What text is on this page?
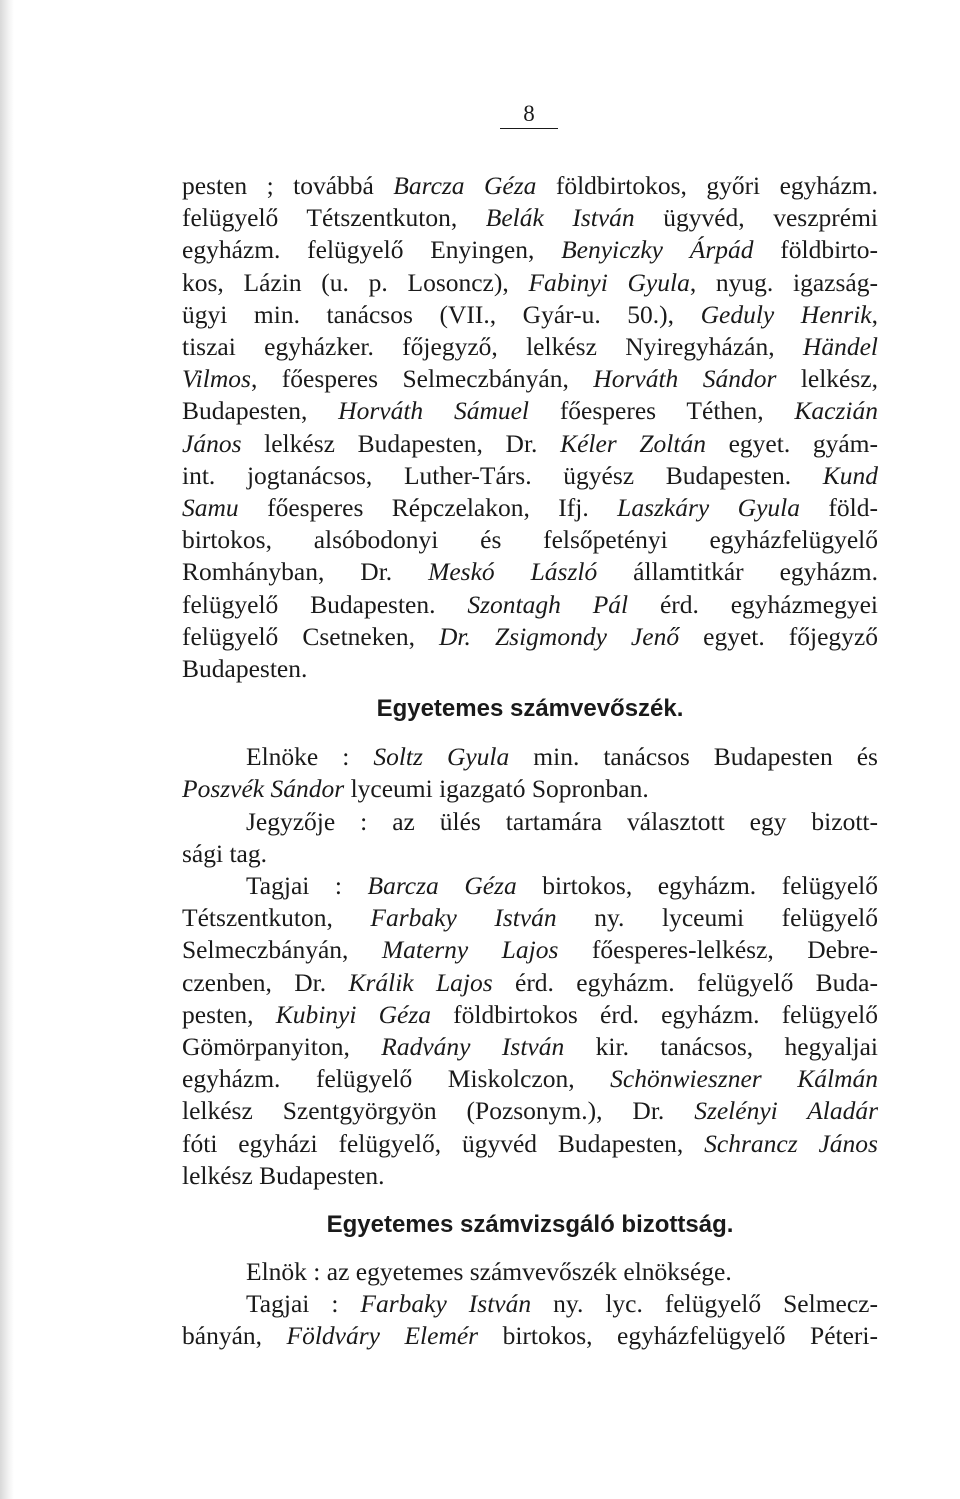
8
pesten ; továbbá Barcza Géza földbirtokos, győri egyházm.
felügyelő Tétszentkuton, Belák István ügyvéd, veszprémi
egyházm. felügyelő Enyingen, Benyiczky Árpád földbirto-
kos, Lázin (u. p. Losoncz), Fabinyi Gyula, nyug. igazság-
ügyi min. tanácsos (VII., Gyár-u. 50.), Geduly Henrik,
tiszai egyházker. főjegyző, lelkész Nyiregyházán, Händel
Vilmos, főesperes Selmeczbányán, Horváth Sándor lelkész,
Budapesten, Horváth Sámuel főesperes Téthen, Kaczián
János lelkész Budapesten, Dr. Kéler Zoltán egyet. gyám-
int. jogtanácsos, Luther-Társ. ügyész Budapesten. Kund
Samu főesperes Répczelakon, Ifj. Laszkáry Gyula föld-
birtokos, alsóbodonyi és felsőpetényi egyházfelügyelő
Romhányban, Dr. Meskó László államtitkár egyházm.
felügyelő Budapesten. Szontagh Pál érd. egyházmegyei
felügyelő Csetneken, Dr. Zsigmondy Jenő egyet. főjegyző
Budapesten.
Egyetemes számvevőszék.
Elnöke : Soltz Gyula min. tanácsos Budapesten és
Poszvék Sándor lyceumi igazgató Sopronban.
Jegyzője : az ülés tartamára választott egy bizott-
sági tag.
Tagjai : Barcza Géza birtokos, egyházm. felügyelő
Tétszentkuton, Farbaky István ny. lyceumi felügyelő
Selmeczbányán, Materny Lajos főesperes-lelkész, Debre-
czenben, Dr. Králik Lajos érd. egyházm. felügyelő Buda-
pesten, Kubinyi Géza földbirtokos érd. egyházm. felügyelő
Gömörpanyiton, Radvány István kir. tanácsos, hegyaljai
egyházm. felügyelő Miskolczon, Schönwieszner Kálmán
lelkész Szentgyörgyön (Pozsonym.), Dr. Szelényi Aladár
fóti egyházi felügyelő, ügyvéd Budapesten, Schrancz János
lelkész Budapesten.
Egyetemes számvizsgáló bizottság.
Elnök : az egyetemes számvevőszék elnöksége.
Tagjai : Farbaky István ny. lyc. felügyelő Selmecz-
bányán, Földváry Elemér birtokos, egyházfelügyelő Péteri-
